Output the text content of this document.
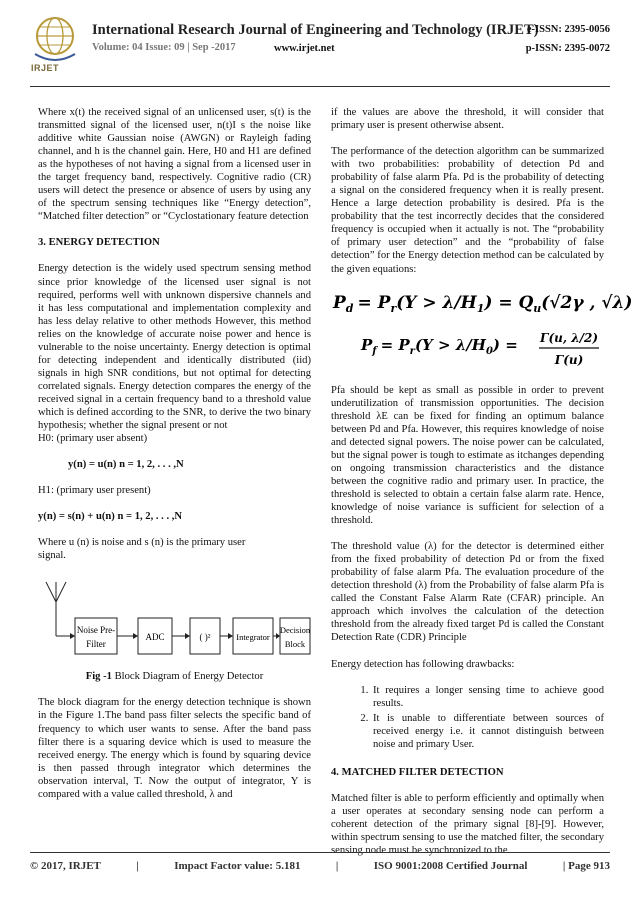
IRJET
International Research Journal of Engineering and Technology (IRJET)
e-ISSN: 2395-0056
Volume: 04 Issue: 09 | Sep -2017	www.irjet.net	p-ISSN: 2395-0072

Where x(t) the received signal of an unlicensed user, s(t) is the transmitted signal of the licensed user, n(t)I s the noise like additive white Gaussian noise (AWGN) or Rayleigh fading channel, and h is the channel gain. Here, H0 and H1 are defined as the hypotheses of not having a signal from a licensed user in the target frequency band, respectively. Cognitive radio (CR) users will detect the presence or absence of users by using any of the spectrum sensing techniques like “Energy detection”, “Matched filter detection” or “Cyclostationary feature detection

3. ENERGY DETECTION

Energy detection is the widely used spectrum sensing method since prior knowledge of the licensed user signal is not required, performs well with unknown dispersive channels and it has less computational and implementation complexity and has less delay relative to other methods However, this method relies on the knowledge of accurate noise power and hence is vulnerable to the noise uncertainty. Energy detection is optimal for detecting independent and identically distributed (iid) signals in high SNR conditions, but not optimal for detecting correlated signals. Energy detection compares the energy of the received signal in a certain frequency band to a threshold value which is defined according to the SNR, to derive the two binary hypothesis; whether the signal present or not

H0: (primary user absent)

y(n) = u(n) n = 1, 2, . . . ,N

H1: (primary user present)

y(n) = s(n) + u(n) n = 1, 2, . . . ,N

Where u (n) is noise and s (n) is the primary user signal.

Noise Pre-
Filter
ADC	( )²	Integrator
Decision
Block

Fig -1 Block Diagram of Energy Detector

The block diagram for the energy detection technique is shown in the Figure 1.The band pass filter selects the specific band of frequency to which user wants to sense. After the band pass filter there is a squaring device which is used to measure the received energy. The energy which is found by squaring device is then passed through integrator which determines the observation interval, T. Now the output of integrator, Y is compared with a value called threshold, λ and

if the values are above the threshold, it will consider that primary user is present otherwise absent.

The performance of the detection algorithm can be summarized with two probabilities: probability of detection Pd and probability of false alarm Pfa. Pd is the probability of detecting a signal on the considered frequency when it is really present. Hence a large detection probability is desired. Pfa is the probability that the test incorrectly decides that the considered frequency is occupied when it actually is not. The “probability of primary user detection” and the “probability of false detection” for the Energy detection method can be calculated by the given equations:

$P_d = P_r(Y > \lambda/H_1) = Q_u(√2\gamma$ , √λ)
$P_f = P_r(Y > \lambda/H_0) = \Gamma(u$, λ/2)
Γ(u)

Pfa should be kept as small as possible in order to prevent underutilization of transmission opportunities. The decision threshold λE can be fixed for finding an optimum balance between Pd and Pfa. However, this requires knowledge of noise and detected signal powers. The noise power can be calculated, but the signal power is tough to estimate as itchanges depending on ongoing transmission characteristics and the distance between the cognitive radio and primary user. In practice, the threshold is selected to obtain a certain false alarm rate. Hence, knowledge of noise variance is sufficient for selection of a threshold.

The threshold value (λ) for the detector is determined either from the fixed probability of detection Pd or from the fixed probability of false alarm Pfa. The evaluation procedure of the detection threshold (λ) from the Probability of false alarm Pfa is called the Constant False Alarm Rate (CFAR) principle. An approach which involves the calculation of the detection threshold from the already fixed target Pd is called the Constant Detection Rate (CDR) Principle

Energy detection has following drawbacks:

1. It requires a longer sensing time to achieve good results.
2. It is unable to differentiate between sources of received energy i.e. it cannot distinguish between noise and primary User.

4. MATCHED FILTER DETECTION

Matched filter is able to perform efficiently and optimally when a user operates at secondary sensing node can perform a coherent detection of the primary signal [8]-[9]. However, within spectrum sensing to use the matched filter, the secondary sensing node must be synchronized to the

© 2017, IRJET	|	Impact Factor value: 5.181	|	ISO 9001:2008 Certified Journal	| Page 913
